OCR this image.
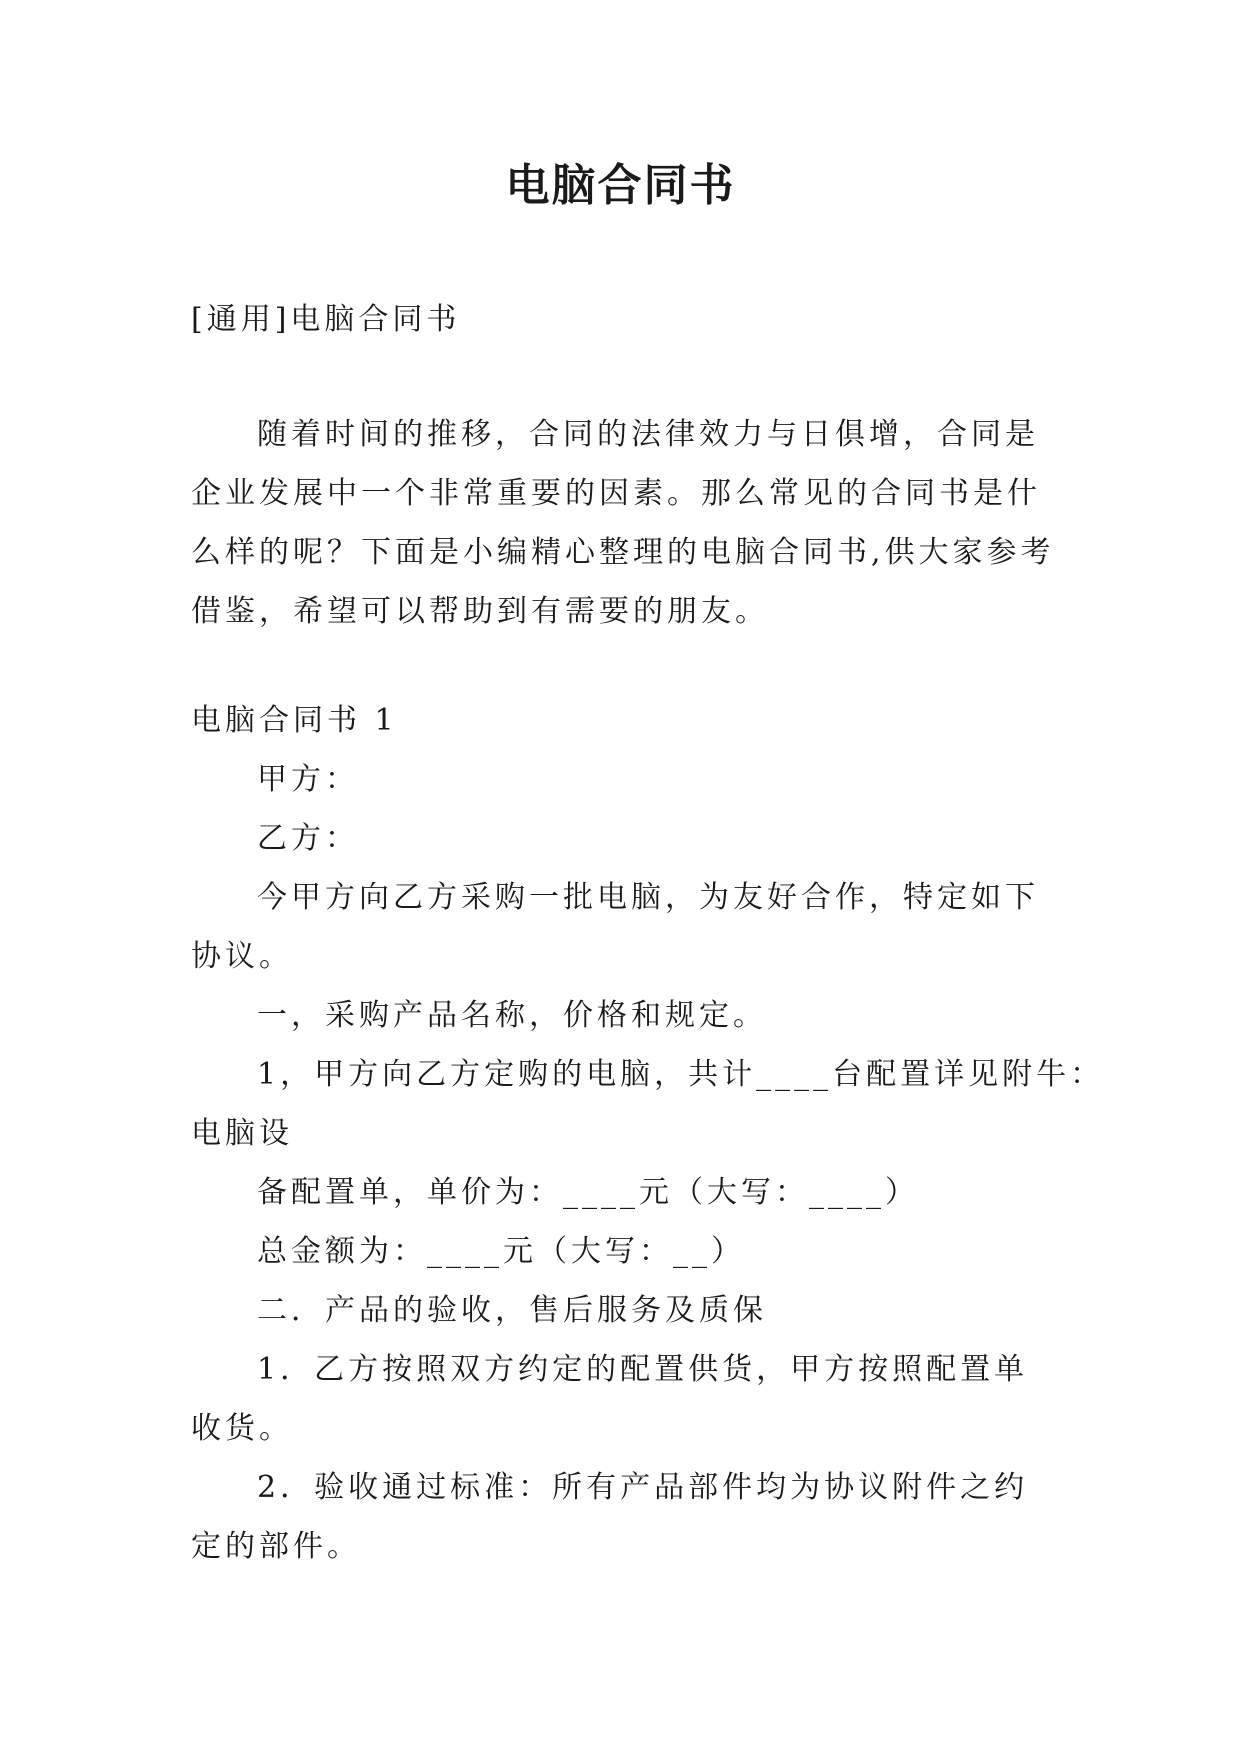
电脑合同书

[通用]电脑合同书

随着时间的推移，合同的法律效力与日俱增，合同是企业发展中一个非常重要的因素。那么常见的合同书是什么样的呢？下面是小编精心整理的电脑合同书,供大家参考借鉴，希望可以帮助到有需要的朋友。

电脑合同书 1

甲方：

乙方：

今甲方向乙方采购一批电脑，为友好合作，特定如下协议。

一，采购产品名称，价格和规定。

1，甲方向乙方定购的电脑，共计____台配置详见附牛：

电脑设

备配置单，单价为：____元（大写：____）

总金额为：____元（大写：__）

二．产品的验收，售后服务及质保

1．乙方按照双方约定的配置供货，甲方按照配置单收货。

2．验收通过标准：所有产品部件均为协议附件之约定的部件。
